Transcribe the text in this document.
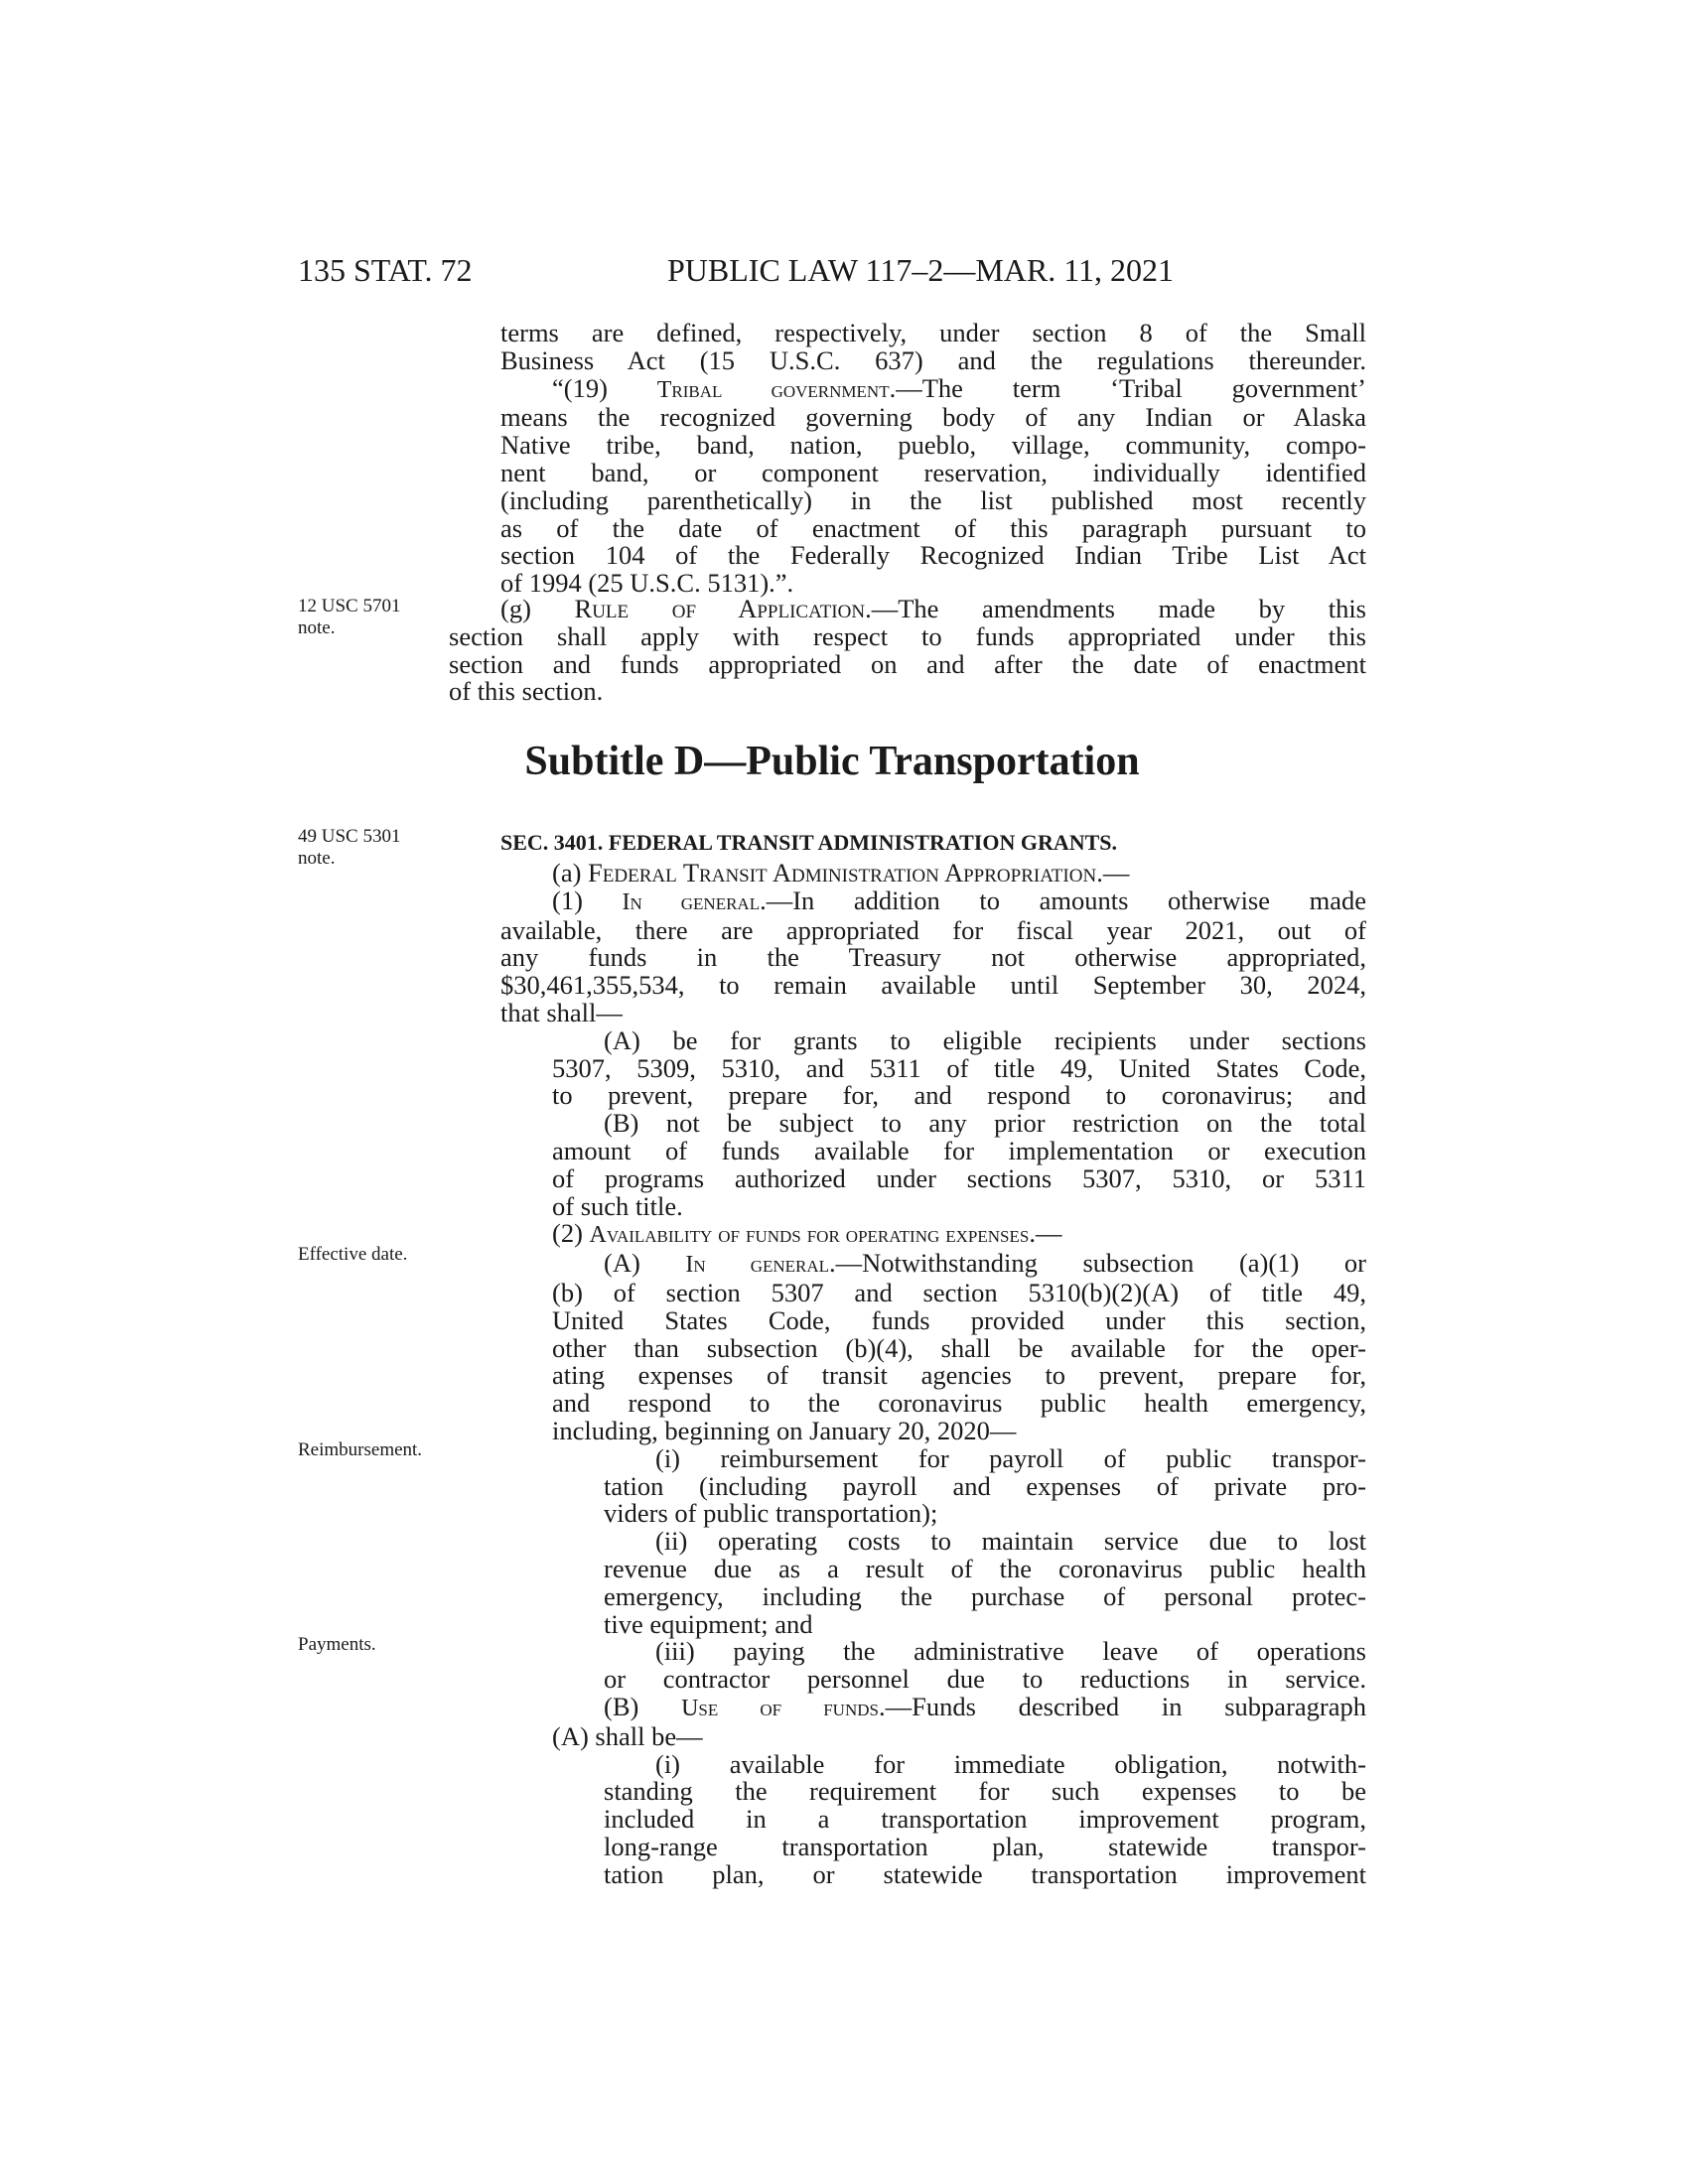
135 STAT. 72	PUBLIC LAW 117–2—MAR. 11, 2021
12 USC 5701
note.
49 USC 5301
note.
Effective date.
Reimbursement.
Payments.
terms are defined, respectively, under section 8 of the Small
Business Act (15 U.S.C. 637) and the regulations thereunder.
“(19) Tribal government.—The term ‘Tribal government’
means the recognized governing body of any Indian or Alaska
Native tribe, band, nation, pueblo, village, community, compo-
nent band, or component reservation, individually identified
(including parenthetically) in the list published most recently
as of the date of enactment of this paragraph pursuant to
section 104 of the Federally Recognized Indian Tribe List Act
of 1994 (25 U.S.C. 5131).”.
(g) Rule of Application.—The amendments made by this
section shall apply with respect to funds appropriated under this
section and funds appropriated on and after the date of enactment
of this section.
Subtitle D—Public Transportation
SEC. 3401. FEDERAL TRANSIT ADMINISTRATION GRANTS.
(a) Federal Transit Administration Appropriation.—
(1) In general.—In addition to amounts otherwise made
available, there are appropriated for fiscal year 2021, out of
any funds in the Treasury not otherwise appropriated,
$30,461,355,534, to remain available until September 30, 2024,
that shall—
(A) be for grants to eligible recipients under sections
5307, 5309, 5310, and 5311 of title 49, United States Code,
to prevent, prepare for, and respond to coronavirus; and
(B) not be subject to any prior restriction on the total
amount of funds available for implementation or execution
of programs authorized under sections 5307, 5310, or 5311
of such title.
(2) Availability of funds for operating expenses.—
(A) In general.—Notwithstanding subsection (a)(1) or
(b) of section 5307 and section 5310(b)(2)(A) of title 49,
United States Code, funds provided under this section,
other than subsection (b)(4), shall be available for the oper-
ating expenses of transit agencies to prevent, prepare for,
and respond to the coronavirus public health emergency,
including, beginning on January 20, 2020—
(i) reimbursement for payroll of public transpor-
tation (including payroll and expenses of private pro-
viders of public transportation);
(ii) operating costs to maintain service due to lost
revenue due as a result of the coronavirus public health
emergency, including the purchase of personal protec-
tive equipment; and
(iii) paying the administrative leave of operations
or contractor personnel due to reductions in service.
(B) Use of funds.—Funds described in subparagraph
(A) shall be—
(i) available for immediate obligation, notwith-
standing the requirement for such expenses to be
included in a transportation improvement program,
long-range transportation plan, statewide transpor-
tation plan, or statewide transportation improvement
